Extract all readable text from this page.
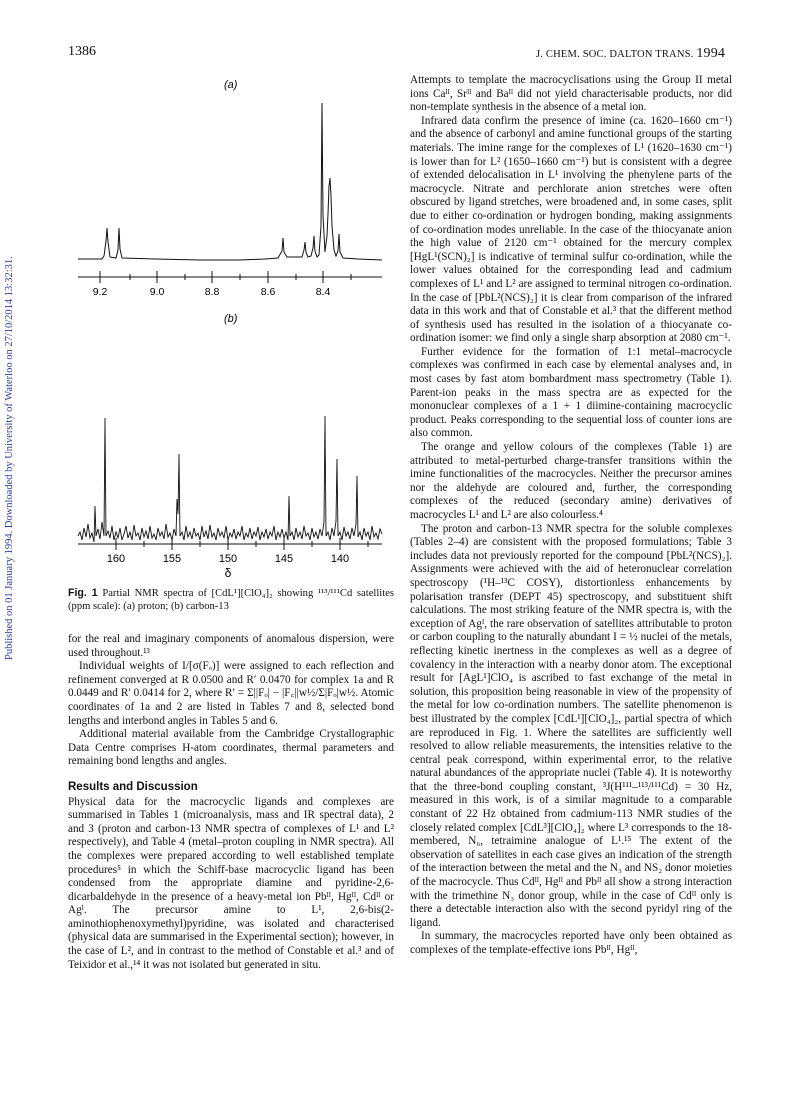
1386	J. CHEM. SOC. DALTON TRANS. 1994
Published on 01 January 1994. Downloaded by University of Waterloo on 27/10/2014 13:32:31.
(a)
9.2	9.0	8.8	8.6	8.4
(b)
160	155	150	145	140
δ
Fig. 1 Partial NMR spectra of [CdL¹][ClO₄]₂ showing ¹¹³/¹¹¹Cd satellites (ppm scale): (a) proton; (b) carbon-13

for the real and imaginary components of anomalous dispersion, were used throughout.¹³

Individual weights of I/[σ(Fₒ)] were assigned to each reflection and refinement converged at R 0.0500 and R′ 0.0470 for complex 1a and R 0.0449 and R′ 0.0414 for 2, where R′ = Σ||Fₒ| − |F꜀||w½/Σ|Fₒ|w½. Atomic coordinates of 1a and 2 are listed in Tables 7 and 8, selected bond lengths and interbond angles in Tables 5 and 6.

Additional material available from the Cambridge Crystallographic Data Centre comprises H-atom coordinates, thermal parameters and remaining bond lengths and angles.

Results and Discussion

Physical data for the macrocyclic ligands and complexes are summarised in Tables 1 (microanalysis, mass and IR spectral data), 2 and 3 (proton and carbon-13 NMR spectra of complexes of L¹ and L² respectively), and Table 4 (metal–proton coupling in NMR spectra). All the complexes were prepared according to well established template procedures⁵ in which the Schiff-base macrocyclic ligand has been condensed from the appropriate diamine and pyridine-2,6-dicarbaldehyde in the presence of a heavy-metal ion Pbᴵᴵ, Hgᴵᴵ, Cdᴵᴵ or Agᴵ. The precursor amine to L¹, 2,6-bis(2-aminothiophenoxymethyl)pyridine, was isolated and characterised (physical data are summarised in the Experimental section); however, in the case of L², and in contrast to the method of Constable et al.³ and of Teixidor et al.,¹⁴ it was not isolated but generated in situ.

Attempts to template the macrocyclisations using the Group II metal ions Caᴵᴵ, Srᴵᴵ and Baᴵᴵ did not yield characterisable products, nor did non-template synthesis in the absence of a metal ion.

Infrared data confirm the presence of imine (ca. 1620–1660 cm⁻¹) and the absence of carbonyl and amine functional groups of the starting materials. The imine range for the complexes of L¹ (1620–1630 cm⁻¹) is lower than for L² (1650–1660 cm⁻¹) but is consistent with a degree of extended delocalisation in L¹ involving the phenylene parts of the macrocycle. Nitrate and perchlorate anion stretches were often obscured by ligand stretches, were broadened and, in some cases, split due to either co-ordination or hydrogen bonding, making assignments of co-ordination modes unreliable. In the case of the thiocyanate anion the high value of 2120 cm⁻¹ obtained for the mercury complex [HgL¹(SCN)₂] is indicative of terminal sulfur co-ordination, while the lower values obtained for the corresponding lead and cadmium complexes of L¹ and L² are assigned to terminal nitrogen co-ordination. In the case of [PbL²(NCS)₂] it is clear from comparison of the infrared data in this work and that of Constable et al.³ that the different method of synthesis used has resulted in the isolation of a thiocyanate co-ordination isomer: we find only a single sharp absorption at 2080 cm⁻¹.

Further evidence for the formation of 1:1 metal–macrocycle complexes was confirmed in each case by elemental analyses and, in most cases by fast atom bombardment mass spectrometry (Table 1). Parent-ion peaks in the mass spectra are as expected for the mononuclear complexes of a 1 + 1 diimine-containing macrocyclic product. Peaks corresponding to the sequential loss of counter ions are also common.

The orange and yellow colours of the complexes (Table 1) are attributed to metal-perturbed charge-transfer transitions within the imine functionalities of the macrocycles. Neither the precursor amines nor the aldehyde are coloured and, further, the corresponding complexes of the reduced (secondary amine) derivatives of macrocycles L¹ and L² are also colourless.⁴

The proton and carbon-13 NMR spectra for the soluble complexes (Tables 2–4) are consistent with the proposed formulations; Table 3 includes data not previously reported for the compound [PbL²(NCS)₂]. Assignments were achieved with the aid of heteronuclear correlation spectroscopy (¹H–¹³C COSY), distortionless enhancements by polarisation transfer (DEPT 45) spectroscopy, and substituent shift calculations. The most striking feature of the NMR spectra is, with the exception of Agᴵ, the rare observation of satellites attributable to proton or carbon coupling to the naturally abundant I = ½ nuclei of the metals, reflecting kinetic inertness in the complexes as well as a degree of covalency in the interaction with a nearby donor atom. The exceptional result for [AgL¹]ClO₄ is ascribed to fast exchange of the metal in solution, this proposition being reasonable in view of the propensity of the metal for low co-ordination numbers. The satellite phenomenon is best illustrated by the complex [CdL¹][ClO₄]₂, partial spectra of which are reproduced in Fig. 1. Where the satellites are sufficiently well resolved to allow reliable measurements, the intensities relative to the central peak correspond, within experimental error, to the relative natural abundances of the appropriate nuclei (Table 4). It is noteworthy that the three-bond coupling constant, ³J(H¹¹¹–¹¹³/¹¹¹Cd) = 30 Hz, measured in this work, is of a similar magnitude to a comparable constant of 22 Hz obtained from cadmium-113 NMR studies of the closely related complex [CdL³][ClO₄]₂ where L³ corresponds to the 18-membered, N₆, tetraimine analogue of L¹.¹⁵ The extent of the observation of satellites in each case gives an indication of the strength of the interaction between the metal and the N₃ and NS₂ donor moieties of the macrocycle. Thus Cdᴵᴵ, Hgᴵᴵ and Pbᴵᴵ all show a strong interaction with the trimethine N₃ donor group, while in the case of Cdᴵᴵ only is there a detectable interaction also with the second pyridyl ring of the ligand.

In summary, the macrocycles reported have only been obtained as complexes of the template-effective ions Pbᴵᴵ, Hgᴵᴵ,
